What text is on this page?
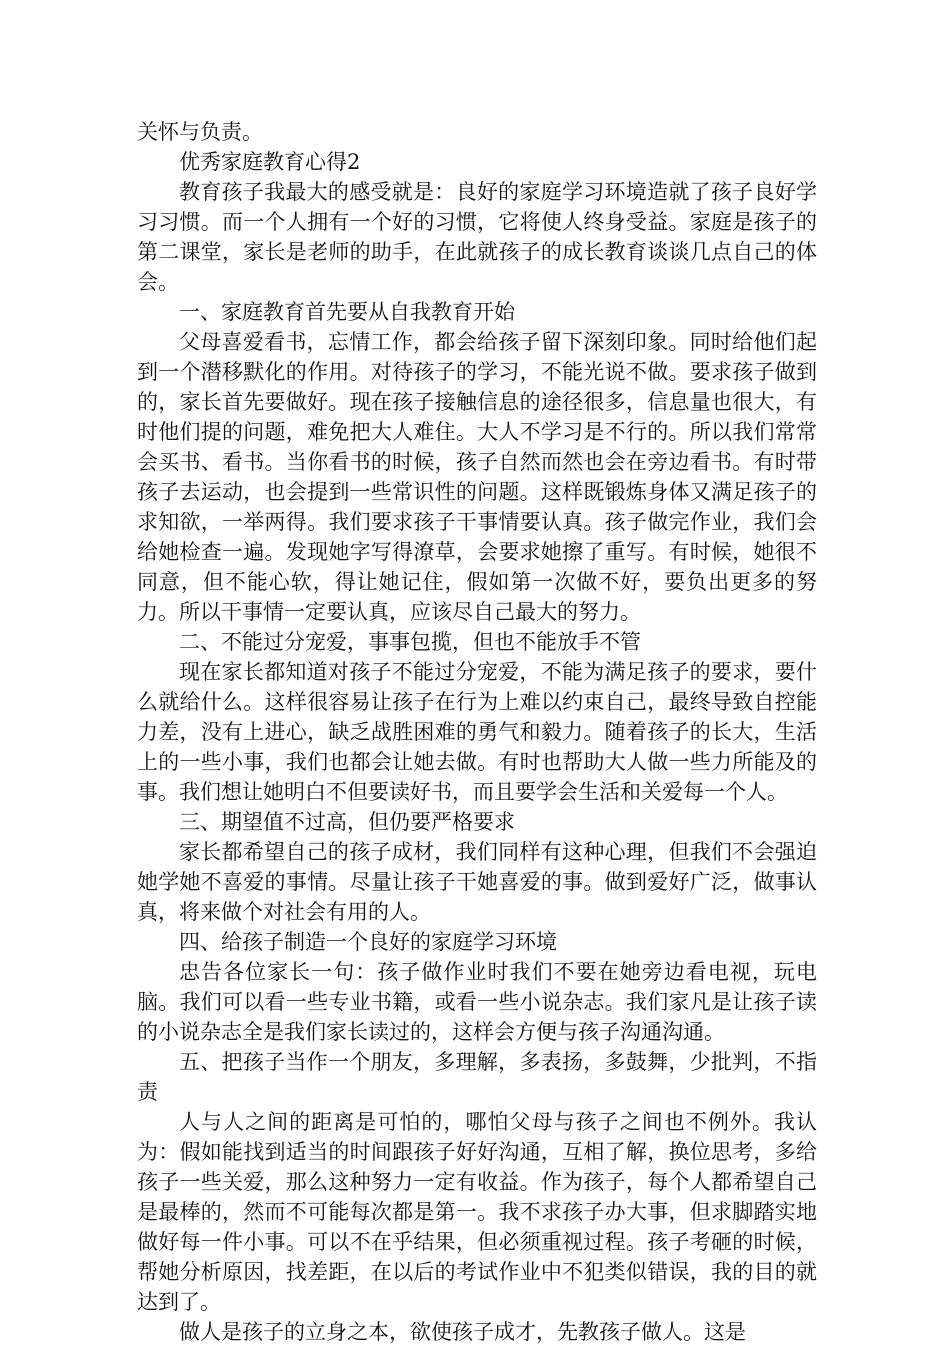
关怀与负责。

优秀家庭教育心得2

教育孩子我最大的感受就是：良好的家庭学习环境造就了孩子良好学习习惯。而一个人拥有一个好的习惯，它将使人终身受益。家庭是孩子的第二课堂，家长是老师的助手，在此就孩子的成长教育谈谈几点自己的体会。

一、家庭教育首先要从自我教育开始

父母喜爱看书，忘情工作，都会给孩子留下深刻印象。同时给他们起到一个潜移默化的作用。对待孩子的学习，不能光说不做。要求孩子做到的，家长首先要做好。现在孩子接触信息的途径很多，信息量也很大，有时他们提的问题，难免把大人难住。大人不学习是不行的。所以我们常常会买书、看书。当你看书的时候，孩子自然而然也会在旁边看书。有时带孩子去运动，也会提到一些常识性的问题。这样既锻炼身体又满足孩子的求知欲，一举两得。我们要求孩子干事情要认真。孩子做完作业，我们会给她检查一遍。发现她字写得潦草，会要求她擦了重写。有时候，她很不同意，但不能心软，得让她记住，假如第一次做不好，要负出更多的努力。所以干事情一定要认真，应该尽自己最大的努力。

二、不能过分宠爱，事事包揽，但也不能放手不管

现在家长都知道对孩子不能过分宠爱，不能为满足孩子的要求，要什么就给什么。这样很容易让孩子在行为上难以约束自己，最终导致自控能力差，没有上进心，缺乏战胜困难的勇气和毅力。随着孩子的长大，生活上的一些小事，我们也都会让她去做。有时也帮助大人做一些力所能及的事。我们想让她明白不但要读好书，而且要学会生活和关爱每一个人。

三、期望值不过高，但仍要严格要求

家长都希望自己的孩子成材，我们同样有这种心理，但我们不会强迫她学她不喜爱的事情。尽量让孩子干她喜爱的事。做到爱好广泛，做事认真，将来做个对社会有用的人。

四、给孩子制造一个良好的家庭学习环境

忠告各位家长一句：孩子做作业时我们不要在她旁边看电视，玩电脑。我们可以看一些专业书籍，或看一些小说杂志。我们家凡是让孩子读的小说杂志全是我们家长读过的，这样会方便与孩子沟通沟通。

五、把孩子当作一个朋友，多理解，多表扬，多鼓舞，少批判，不指责

人与人之间的距离是可怕的，哪怕父母与孩子之间也不例外。我认为：假如能找到适当的时间跟孩子好好沟通，互相了解，换位思考，多给孩子一些关爱，那么这种努力一定有收益。作为孩子，每个人都希望自己是最棒的，然而不可能每次都是第一。我不求孩子办大事，但求脚踏实地做好每一件小事。可以不在乎结果，但必须重视过程。孩子考砸的时候，帮她分析原因，找差距，在以后的考试作业中不犯类似错误，我的目的就达到了。

做人是孩子的立身之本，欲使孩子成才，先教孩子做人。这是
